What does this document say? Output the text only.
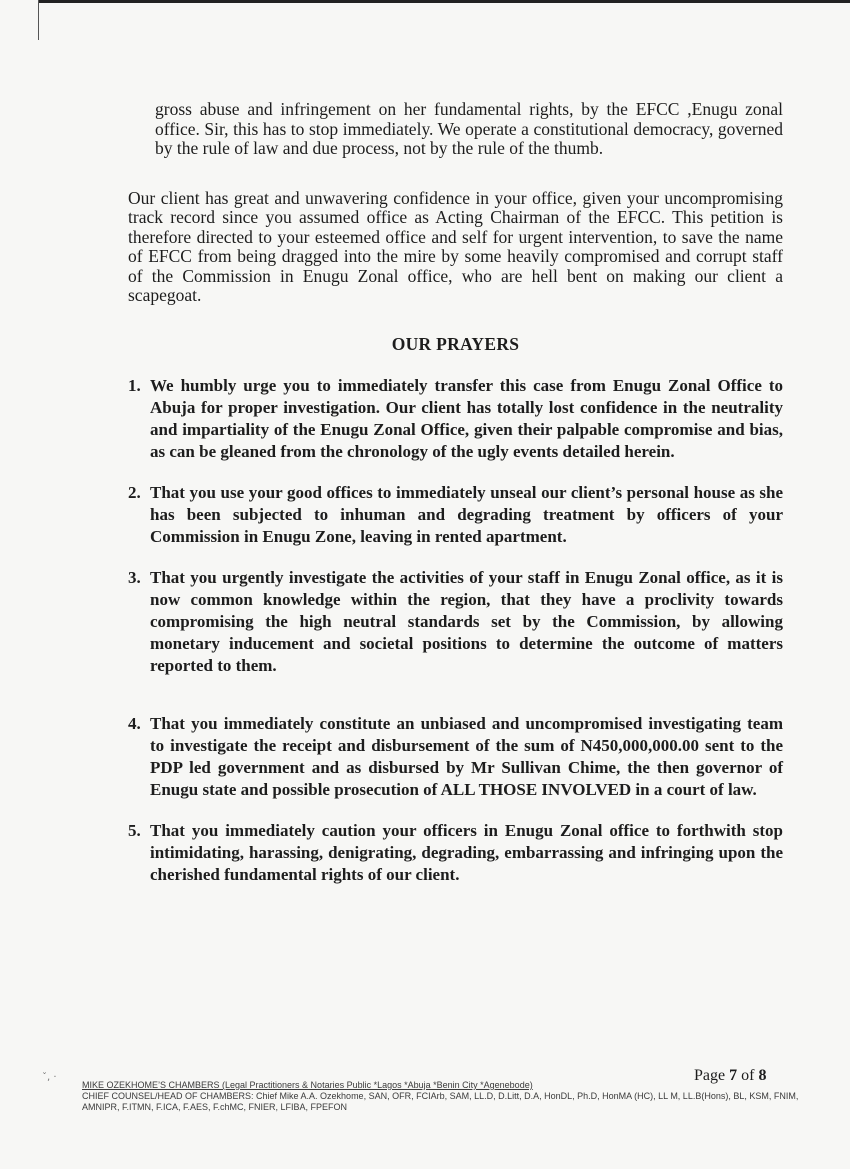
gross abuse and infringement on her fundamental rights, by the EFCC ,Enugu zonal office. Sir, this has to stop immediately. We operate a constitutional democracy, governed by the rule of law and due process, not by the rule of the thumb.

Our client has great and unwavering confidence in your office, given your uncompromising track record since you assumed office as Acting Chairman of the EFCC. This petition is therefore directed to your esteemed office and self for urgent intervention, to save the name of EFCC from being dragged into the mire by some heavily compromised and corrupt staff of the Commission in Enugu Zonal office, who are hell bent on making our client a scapegoat.

OUR PRAYERS
1. We humbly urge you to immediately transfer this case from Enugu Zonal Office to Abuja for proper investigation. Our client has totally lost confidence in the neutrality and impartiality of the Enugu Zonal Office, given their palpable compromise and bias, as can be gleaned from the chronology of the ugly events detailed herein.
2. That you use your good offices to immediately unseal our client’s personal house as she has been subjected to inhuman and degrading treatment by officers of your Commission in Enugu Zone, leaving in rented apartment.
3. That you urgently investigate the activities of your staff in Enugu Zonal office, as it is now common knowledge within the region, that they have a proclivity towards compromising the high neutral standards set by the Commission, by allowing monetary inducement and societal positions to determine the outcome of matters reported to them.
4. That you immediately constitute an unbiased and uncompromised investigating team to investigate the receipt and disbursement of the sum of N450,000,000.00 sent to the PDP led government and as disbursed by Mr Sullivan Chime, the then governor of Enugu state and possible prosecution of ALL THOSE INVOLVED in a court of law.
5. That you immediately caution your officers in Enugu Zonal office to forthwith stop intimidating, harassing, denigrating, degrading, embarrassing and infringing upon the cherished fundamental rights of our client.
ˇ, ·	Page 7 of 8
MIKE OZEKHOME’S CHAMBERS (Legal Practitioners & Notaries Public *Lagos *Abuja *Benin City *Agenebode)
CHIEF COUNSEL/HEAD OF CHAMBERS: Chief Mike A.A. Ozekhome, SAN, OFR, FCIArb, SAM, LL.D, D.Litt, D.A, HonDL, Ph.D, HonMA (HC), LL M, LL.B(Hons), BL, KSM, FNIM, AMNIPR, F.ITMN, F.ICA, F.AES, F.chMC, FNIER, LFIBA, FPEFON
